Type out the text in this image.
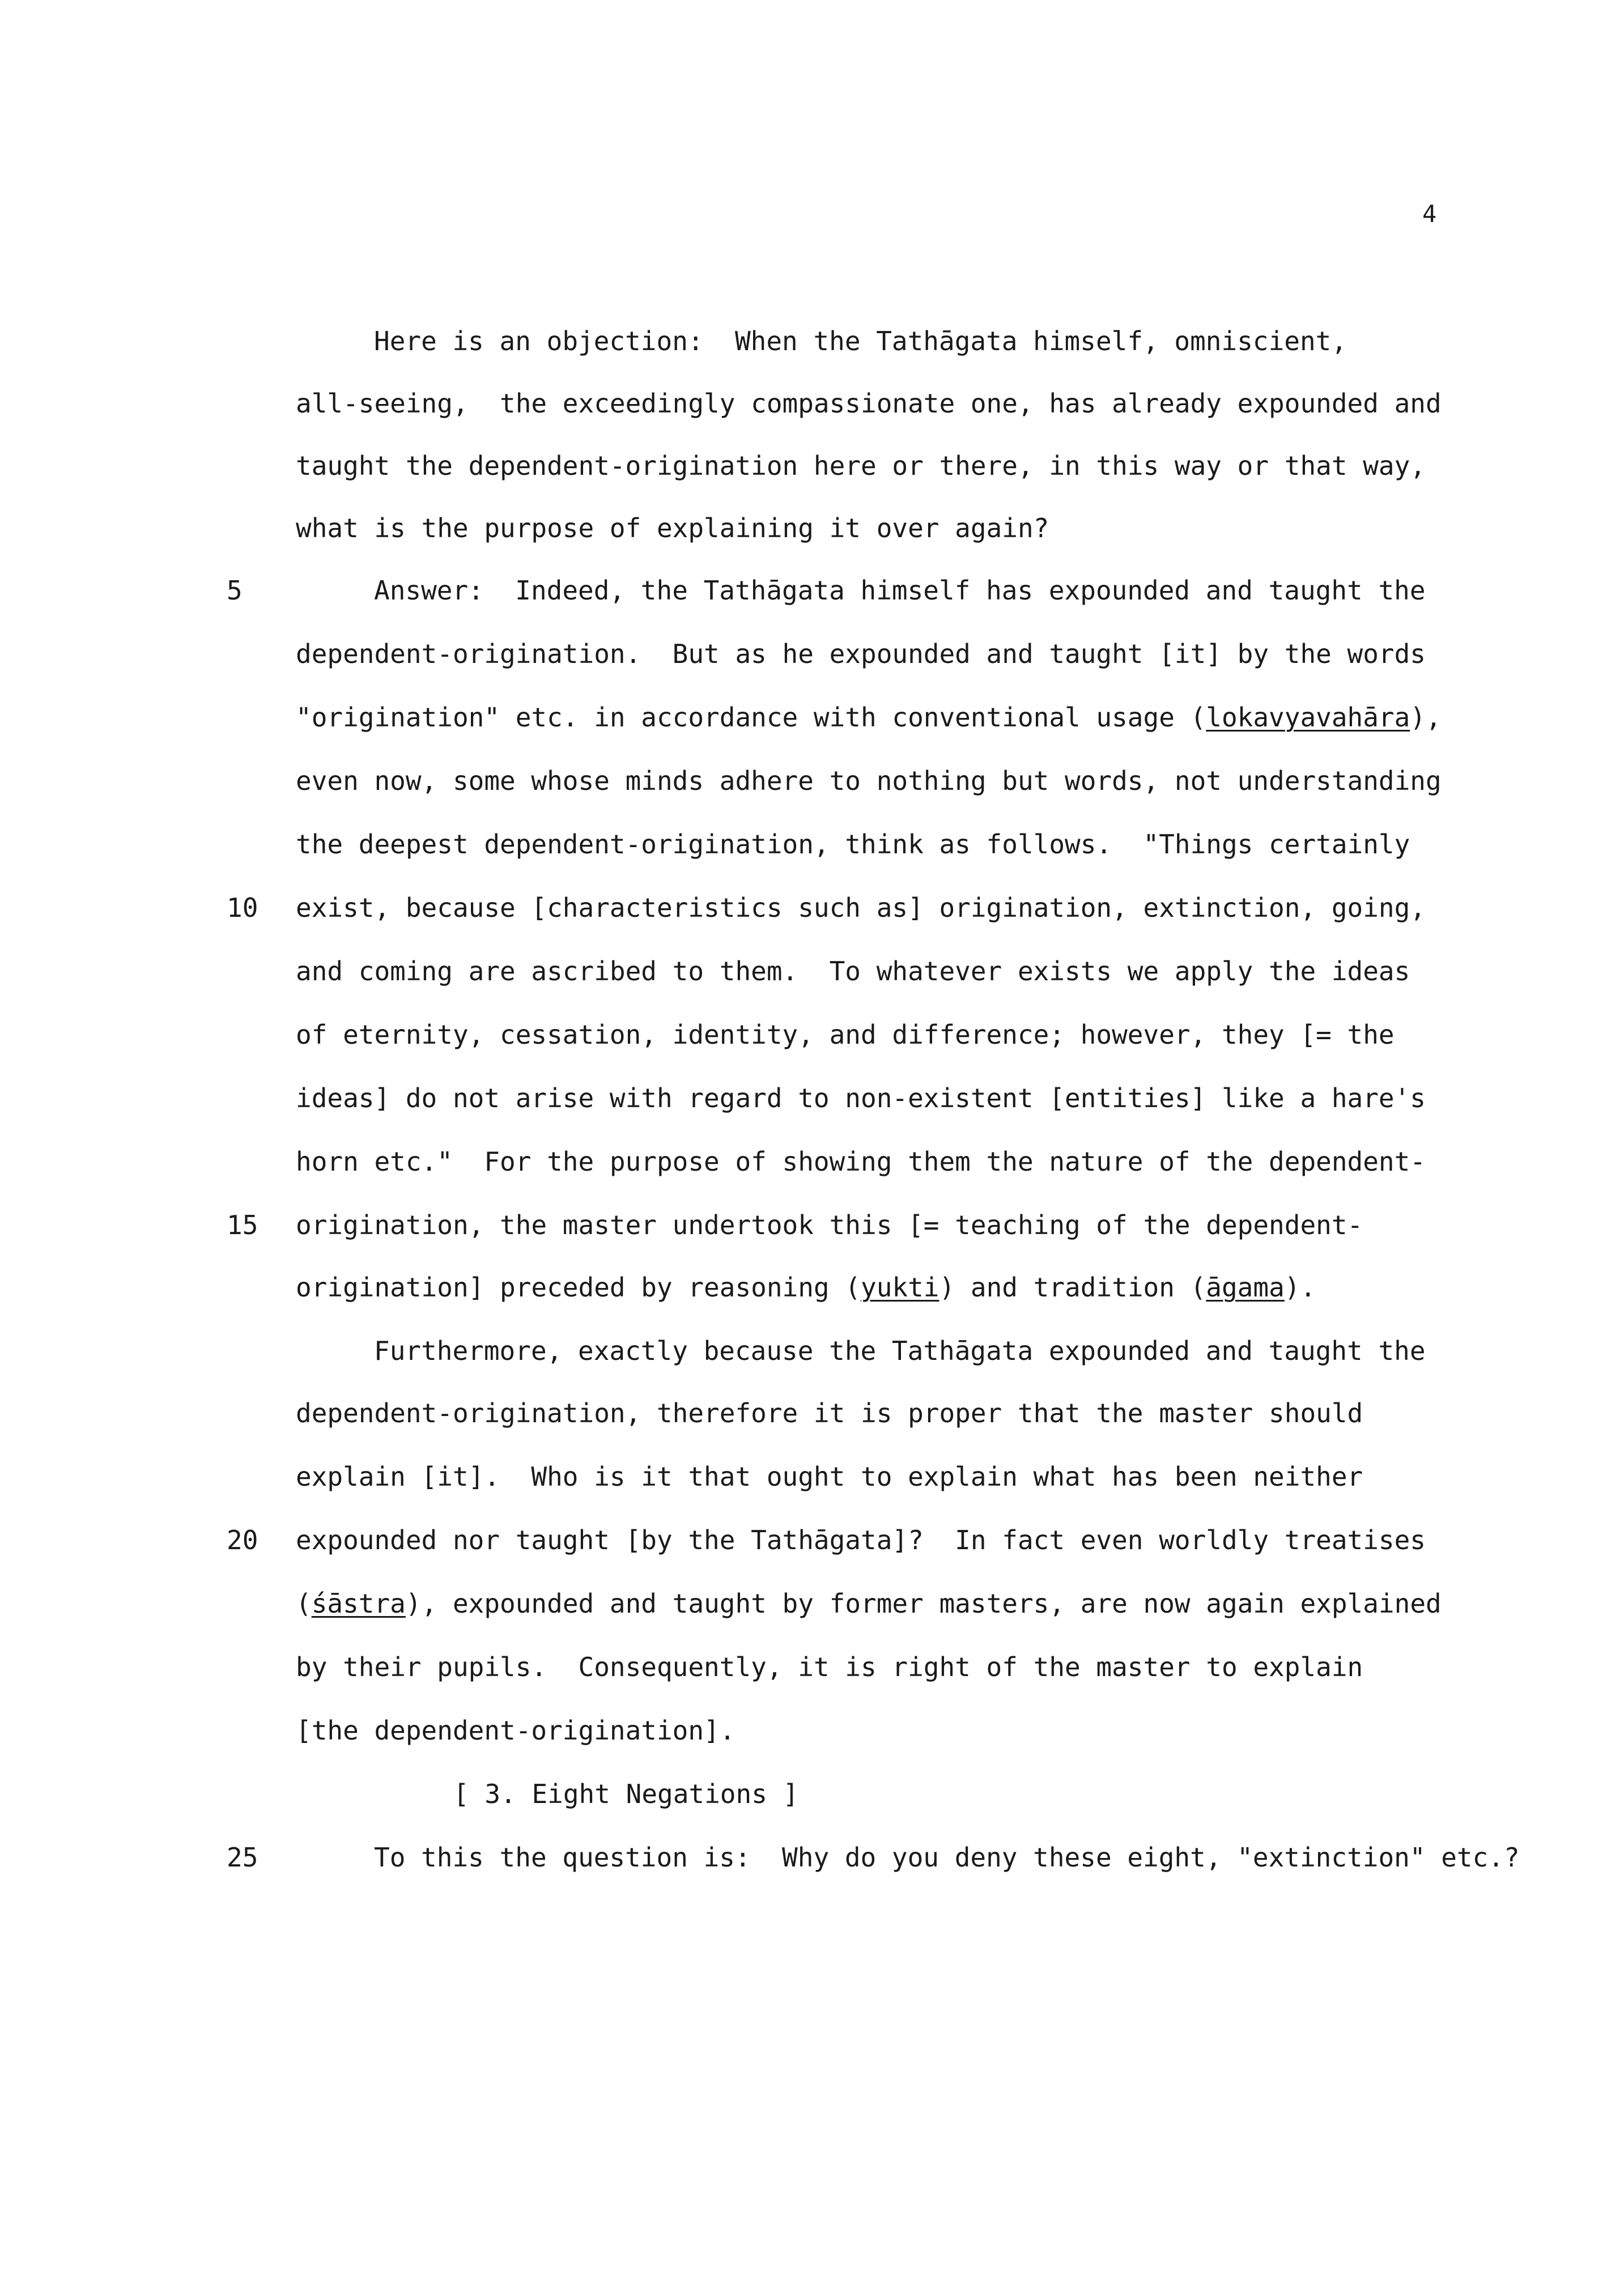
4
5
10
15
20
25
Here is an objection:  When the Tathāgata himself, omniscient,
all-seeing,  the exceedingly compassionate one, has already expounded and
taught the dependent-origination here or there, in this way or that way,
what is the purpose of explaining it over again?
Answer:  Indeed, the Tathāgata himself has expounded and taught the
dependent-origination.  But as he expounded and taught [it] by the words
"origination" etc. in accordance with conventional usage (lokavyavahāra),
even now, some whose minds adhere to nothing but words, not understanding
the deepest dependent-origination, think as follows.  "Things certainly
exist, because [characteristics such as] origination, extinction, going,
and coming are ascribed to them.  To whatever exists we apply the ideas
of eternity, cessation, identity, and difference; however, they [= the
ideas] do not arise with regard to non-existent [entities] like a hare's
horn etc."  For the purpose of showing them the nature of the dependent-
origination, the master undertook this [= teaching of the dependent-
origination] preceded by reasoning (yukti) and tradition (āgama).
Furthermore, exactly because the Tathāgata expounded and taught the
dependent-origination, therefore it is proper that the master should
explain [it].  Who is it that ought to explain what has been neither
expounded nor taught [by the Tathāgata]?  In fact even worldly treatises
(śāstra), expounded and taught by former masters, are now again explained
by their pupils.  Consequently, it is right of the master to explain
[the dependent-origination].
[ 3. Eight Negations ]
To this the question is:  Why do you deny these eight, "extinction" etc.?
